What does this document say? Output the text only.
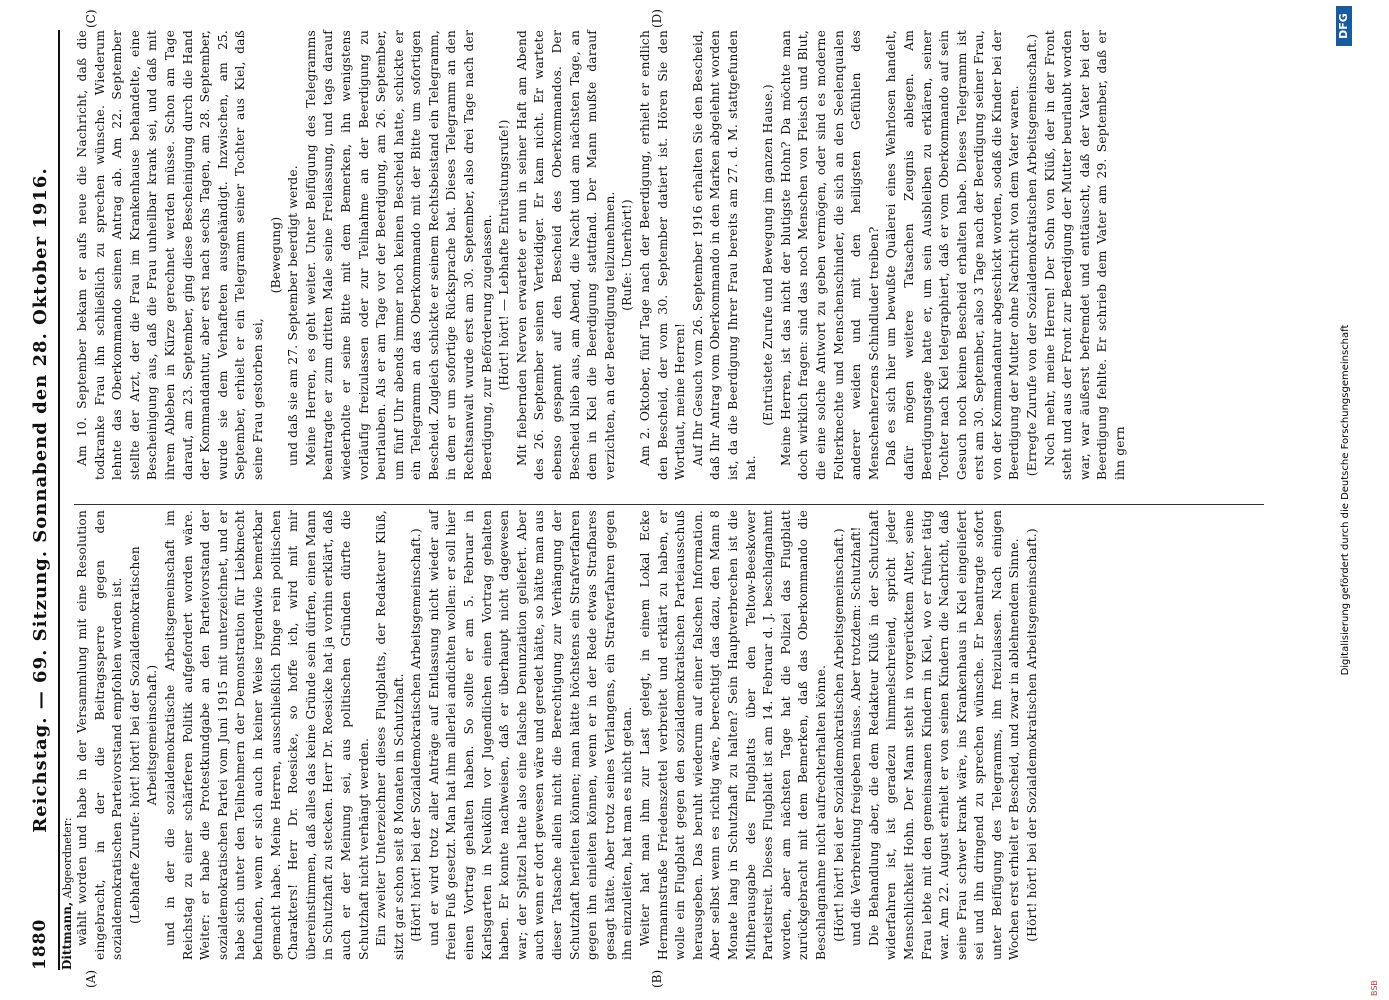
1880
Reichstag. — 69. Sitzung. Sonnabend den 28. Oktober 1916.
Dittmann, Abgeordneter:
(A)	(B)
(C)	(D)

wählt worden und habe in der Versammlung mit eine Resolution eingebracht, in der die Beitragssperre gegen den sozialdemokratischen Parteivorstand empfohlen worden ist. (Lebhafte Zurufe: hört! hört! bei der Sozialdemokratischen Arbeitsgemeinschaft.) und in der die sozialdemokratische Arbeitsgemeinschaft im Reichstag zu einer schärferen Politik aufgefordert worden wäre. Weiter: er habe die Protestkundgabe an den Parteivorstand der sozialdemokratischen Partei vom Juni 1915 mit unterzeichnet, und er habe sich unter den Teilnehmern der Demonstration für Liebknecht befunden, wenn er sich auch in keiner Weise irgendwie bemerkbar gemacht habe. Meine Herren, ausschließlich Dinge rein politischen Charakters! Herr Dr. Roesicke, so hoffe ich, wird mit mir übereinstimmen, daß alles das keine Gründe sein dürfen, einen Mann in Schutzhaft zu stecken. Herr Dr. Roesicke hat ja vorhin erklärt, daß auch er der Meinung sei, aus politischen Gründen dürfte die Schutzhaft nicht verhängt werden. Ein zweiter Unterzeichner dieses Flugblatts, der Redakteur Klüß, sitzt gar schon seit 8 Monaten in Schutzhaft. (Hört! hört! bei der Sozialdemokratischen Arbeitsgemeinschaft.) und er wird trotz aller Anträge auf Entlassung nicht wieder auf freien Fuß gesetzt. Man hat ihm allerlei andichten wollen: er soll hier einen Vortrag gehalten haben. So sollte er am 5. Februar in Karlsgarten in Neukölln vor Jugendlichen einen Vortrag gehalten haben. Er konnte nachweisen, daß er überhaupt nicht dagewesen war; der Spitzel hatte also eine falsche Denunziation geliefert. Aber auch wenn er dort gewesen wäre und geredet hätte, so hätte man aus dieser Tatsache allein nicht die Berechtigung zur Verhängung der Schutzhaft herleiten können; man hätte höchstens ein Strafverfahren gegen ihn einleiten können, wenn er in der Rede etwas Strafbares gesagt hätte. Aber trotz seines Verlangens, ein Strafverfahren gegen ihn einzuleiten, hat man es nicht getan. Weiter hat man ihm zur Last gelegt, in einem Lokal Ecke Hermannstraße Friedenszettel verbreitet und erklärt zu haben, er wolle ein Flugblatt gegen den sozialdemokratischen Parteiausschuß herausgeben. Das beruht wiederum auf einer falschen Information. Aber selbst wenn es richtig wäre, berechtigt das dazu, den Mann 8 Monate lang in Schutzhaft zu halten? Sein Hauptverbrechen ist die Mitherausgabe des Flugblatts über den Teltow-Beeskower Parteistreit. Dieses Flugblatt ist am 14. Februar d. J. beschlagnahmt worden, aber am nächsten Tage hat die Polizei das Flugblatt zurückgebracht mit dem Bemerken, daß das Oberkommando die Beschlagnahme nicht aufrechterhalten könne. (Hört! hört! bei der Sozialdemokratischen Arbeitsgemeinschaft.) und die Verbreitung freigeben müsse. Aber trotzdem: Schutzhaft! Die Behandlung aber, die dem Redakteur Klüß in der Schutzhaft widerfahren ist, ist geradezu himmelschreiend, spricht jeder Menschlichkeit Hohn. Der Mann steht in vorgerücktem Alter, seine Frau lebte mit den gemeinsamen Kindern in Kiel, wo er früher tätig war. Am 22. August erhielt er von seinen Kindern die Nachricht, daß seine Frau schwer krank wäre, ins Krankenhaus in Kiel eingeliefert sei und ihn dringend zu sprechen wünsche. Er beantragte sofort unter Beifügung des Telegramms, ihn freizulassen. Nach einigen Wochen erst erhielt er Bescheid, und zwar in ablehnendem Sinne. (Hört! hört! bei der Sozialdemokratischen Arbeitsgemeinschaft.)

Am 10. September bekam er aufs neue die Nachricht, daß die todkranke Frau ihn schließlich zu sprechen wünsche. Wiederum lehnte das Oberkommando seinen Antrag ab. Am 22. September stellte der Arzt, der die Frau im Krankenhause behandelte, eine Bescheinigung aus, daß die Frau unheilbar krank sei, und daß mit ihrem Ableben in Kürze gerechnet werden müsse. Schon am Tage darauf, am 23. September, ging diese Bescheinigung durch die Hand der Kommandantur, aber erst nach sechs Tagen, am 28. September, wurde sie dem Verhafteten ausgehändigt. Inzwischen, am 25. September, erhielt er ein Telegramm seiner Tochter aus Kiel, daß seine Frau gestorben sei,

(Bewegung) und daß sie am 27. September beerdigt werde. Meine Herren, es geht weiter. Unter Beifügung des Telegramms beantragte er zum dritten Male seine Freilassung, und tags darauf wiederholte er seine Bitte mit dem Bemerken, ihn wenigstens vorläufig freizulassen oder zur Teilnahme an der Beerdigung zu beurlauben. Als er am Tage vor der Beerdigung, am 26. September, um fünf Uhr abends immer noch keinen Bescheid hatte, schickte er ein Telegramm an das Oberkommando mit der Bitte um sofortigen Bescheid. Zugleich schickte er seinem Rechtsbeistand ein Telegramm, in dem er um sofortige Rücksprache bat. Dieses Telegramm an den Rechtsanwalt wurde erst am 30. September, also drei Tage nach der Beerdigung, zur Beförderung zugelassen. (Hört! hört! — Lebhafte Entrüstungsrufe!) Mit fiebernden Nerven erwartete er nun in seiner Haft am Abend des 26. September seinen Verteidiger. Er kam nicht. Er wartete ebenso gespannt auf den Bescheid des Oberkommandos. Der Bescheid blieb aus, am Abend, die Nacht und am nächsten Tage, an dem in Kiel die Beerdigung stattfand. Der Mann mußte darauf verzichten, an der Beerdigung teilzunehmen. (Rufe: Unerhört!) Am 2. Oktober, fünf Tage nach der Beerdigung, erhielt er endlich den Bescheid, der vom 30. September datiert ist. Hören Sie den Wortlaut, meine Herren! Auf Ihr Gesuch vom 26. September 1916 erhalten Sie den Bescheid, daß Ihr Antrag vom Oberkommando in den Marken abgelehnt worden ist, da die Beerdigung Ihrer Frau bereits am 27. d. M. stattgefunden hat.

(Entrüstete Zurufe und Bewegung im ganzen Hause.) Meine Herren, ist das nicht der blutigste Hohn? Da möchte man doch wirklich fragen: sind das noch Menschen von Fleisch und Blut, die eine solche Antwort zu geben vermögen, oder sind es moderne Folterknechte und Menschenschinder, die sich an den Seelenqualen anderer weiden und mit den heiligsten Gefühlen des Menschenherzens Schindluder treiben? Daß es sich hier um bewußte Quälerei eines Wehrlosen handelt, dafür mögen weitere Tatsachen Zeugnis ablegen. Am Beerdigungstage hatte er, um sein Ausbleiben zu erklären, seiner Tochter nach Kiel telegraphiert, daß er vom Oberkommando auf sein Gesuch noch keinen Bescheid erhalten habe. Dieses Telegramm ist erst am 30. September, also 3 Tage nach der Beerdigung seiner Frau, von der Kommandantur abgeschickt worden, sodaß die Kinder bei der Beerdigung der Mutter ohne Nachricht von dem Vater waren. (Erregte Zurufe von der Sozialdemokratischen Arbeitsgemeinschaft.) Noch mehr, meine Herren! Der Sohn von Klüß, der in der Front steht und aus der Front zur Beerdigung der Mutter beurlaubt worden war, war äußerst befremdet und enttäuscht, daß der Vater bei der Beerdigung fehlte. Er schrieb dem Vater am 29. September, daß er ihn gern	Digitalisierung gefördert durch die Deutsche Forschungsgemeinschaft
DFG
BSB
